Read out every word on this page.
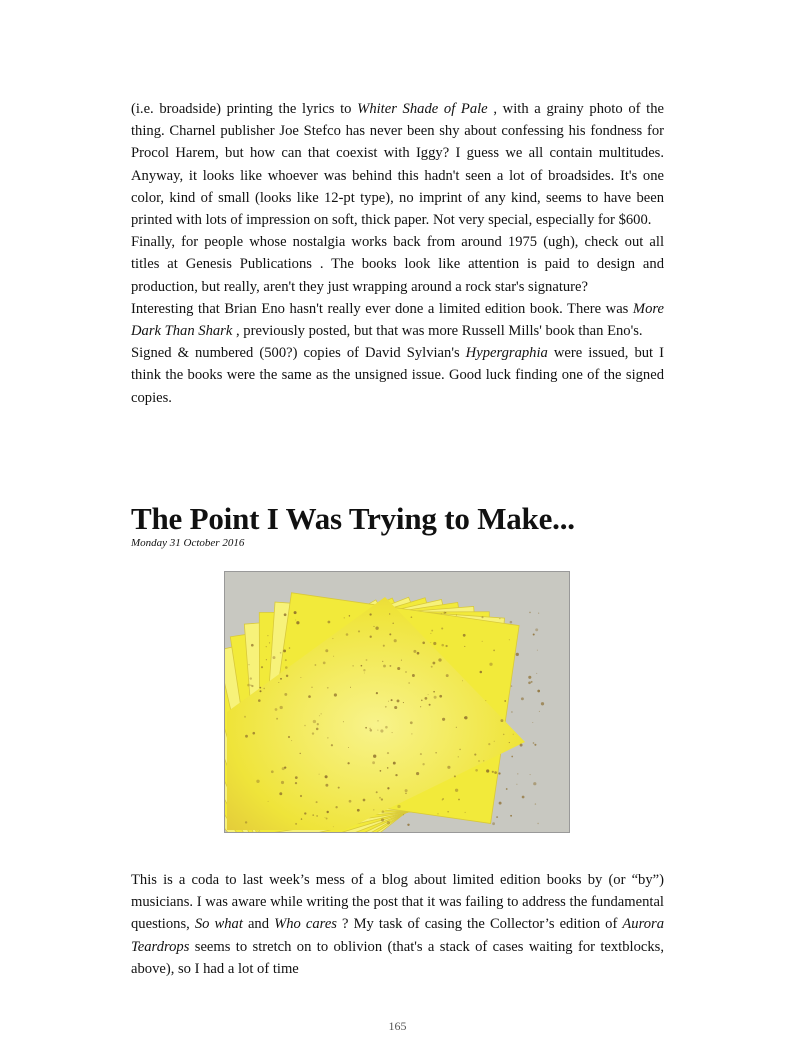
(i.e. broadside) printing the lyrics to Whiter Shade of Pale , with a grainy photo of the thing. Charnel publisher Joe Stefco has never been shy about confessing his fondness for Procol Harem, but how can that coexist with Iggy? I guess we all contain multitudes. Anyway, it looks like whoever was behind this hadn't seen a lot of broadsides. It's one color, kind of small (looks like 12-pt type), no imprint of any kind, seems to have been printed with lots of impression on soft, thick paper. Not very special, especially for $600.

Finally, for people whose nostalgia works back from around 1975 (ugh), check out all titles at Genesis Publications . The books look like attention is paid to design and production, but really, aren't they just wrapping around a rock star's signature?

Interesting that Brian Eno hasn't really ever done a limited edition book. There was More Dark Than Shark , previously posted, but that was more Russell Mills' book than Eno's.

Signed & numbered (500?) copies of David Sylvian's Hypergraphia were issued, but I think the books were the same as the unsigned issue. Good luck finding one of the signed copies.

The Point I Was Trying to Make...

Monday 31 October 2016

This is a coda to last week’s mess of a blog about limited edition books by (or “by”) musicians. I was aware while writing the post that it was failing to address the fundamental questions, So what and Who cares ? My task of casing the Collector’s edition of Aurora Teardrops seems to stretch on to oblivion (that's a stack of cases waiting for textblocks, above), so I had a lot of time

165
